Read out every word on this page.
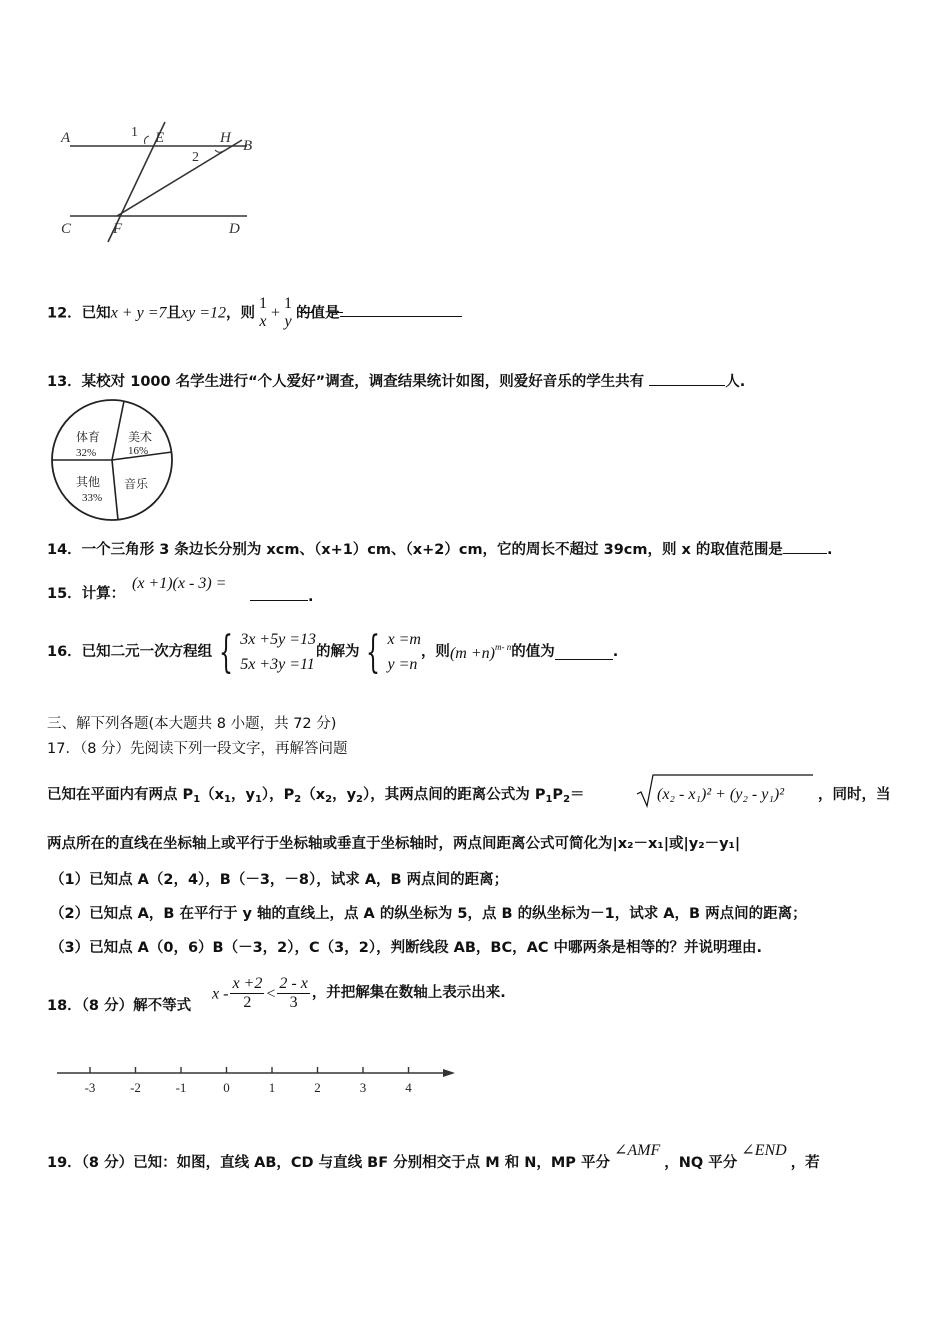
A	1 E	H B
2
C	F	D
12．已知x + y =7且xy =12，则
1
x
+
1
y 的值是
13．某校对 1000 名学生进行“个人爱好”调查，调查结果统计如图，则爱好音乐的学生共有	人.
体育
32%
美术
16%
其他
33%
音乐
14．一个三角形 3 条边长分别为 xcm、（x+1）cm、（x+2）cm，它的周长不超过 39cm，则 x 的取值范围是	.
15．计算：
(x +1)(x - 3) =
.
16．已知二元一次方程组 { 3x +5y =13
5x +3y =11
的解为 { x =m
y =n
，则$(m +n)^{m- n}$的值为	.
三、解下列各题(本大题共 8 小题，共 72 分)
17．（8 分）先阅读下列一段文字，再解答问题
已知在平面内有两点 $P_1(x_1$，$y_1$），$P_2(x_2$，$y_2$），其两点间的距离公式为 $P_1P_2=$	(x₂ - x₁)² + (y₂ - y₁)² ，同时，当
两点所在的直线在坐标轴上或平行于坐标轴或垂直于坐标轴时，两点间距离公式可简化为|x₂－x₁|或|y₂－y₁|
（1）已知点 A（2，4），B（－3，－8），试求 A，B 两点间的距离；
（2）已知点 A，B 在平行于 y 轴的直线上，点 A 的纵坐标为 5，点 B 的纵坐标为－1，试求 A，B 两点间的距离；
（3）已知点 A（0，6）B（－3，2），C（3，2），判断线段 AB，BC，AC 中哪两条是相等的？并说明理由.
18．（8 分）解不等式
$x - \frac{x +2}{2} < \frac{2 - x}{3}$ ，并把解集在数轴上表示出来.
-3	-2	-1	0	1	2	3	4
19．（8 分）已知：如图，直线 AB，CD 与直线 BF 分别相交于点 M 和 N，MP 平分∠AMF，NQ 平分∠END，若
